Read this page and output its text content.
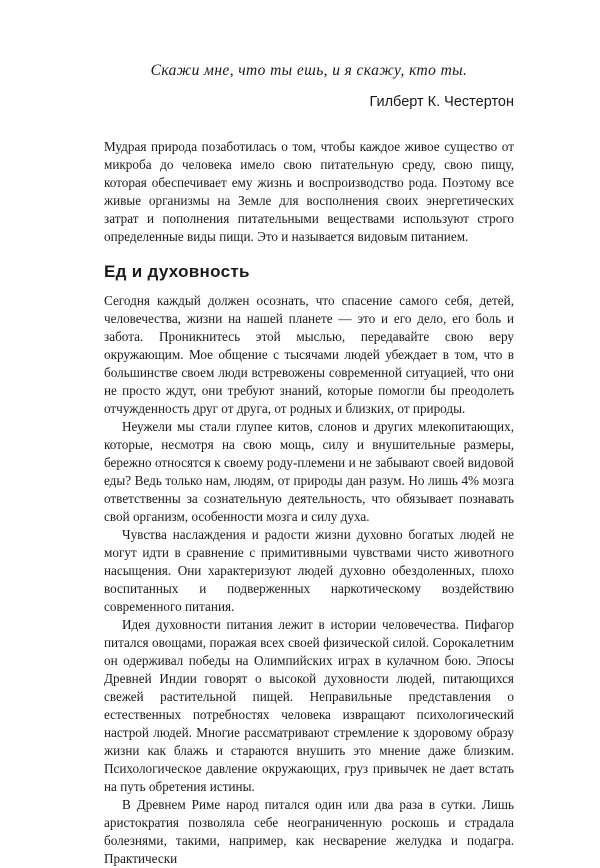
Скажи мне, что ты ешь, и я скажу, кто ты.

Гилберт К. Честертон

Мудрая природа позаботилась о том, чтобы каждое живое существо от микроба до человека имело свою питательную среду, свою пищу, которая обеспечивает ему жизнь и воспроизводство рода. Поэтому все живые организмы на Земле для восполнения своих энергетических затрат и пополнения питательными веществами используют строго определенные виды пищи. Это и называется видовым питанием.

Ед и духовность

Сегодня каждый должен осознать, что спасение самого себя, детей, человечества, жизни на нашей планете — это и его дело, его боль и забота. Проникнитесь этой мыслью, передавайте свою веру окружающим. Мое общение с тысячами людей убеждает в том, что в большинстве своем люди встревожены современной ситуацией, что они не просто ждут, они требуют знаний, которые помогли бы преодолеть отчужденность друг от друга, от родных и близких, от природы.

Неужели мы стали глупее китов, слонов и других млекопитающих, которые, несмотря на свою мощь, силу и внушительные размеры, бережно относятся к своему роду-племени и не забывают своей видовой еды? Ведь только нам, людям, от природы дан разум. Но лишь 4% мозга ответственны за сознательную деятельность, что обязывает познавать свой организм, особенности мозга и силу духа.

Чувства наслаждения и радости жизни духовно богатых людей не могут идти в сравнение с примитивными чувствами чисто животного насыщения. Они характеризуют людей духовно обездоленных, плохо воспитанных и подверженных наркотическому воздействию современного питания.

Идея духовности питания лежит в истории человечества. Пифагор питался овощами, поражая всех своей физической силой. Сорокалетним он одерживал победы на Олимпийских играх в кулачном бою. Эпосы Древней Индии говорят о высокой духовности людей, питающихся свежей растительной пищей. Неправильные представления о естественных потребностях человека извращают психологический настрой людей. Многие рассматривают стремление к здоровому образу жизни как блажь и стараются внушить это мнение даже близким. Психологическое давление окружающих, груз привычек не дает встать на путь обретения истины.

В Древнем Риме народ питался один или два раза в сутки. Лишь аристократия позволяла себе неограниченную роскошь и страдала болезнями, такими, например, как несварение желудка и подагра. Практически
